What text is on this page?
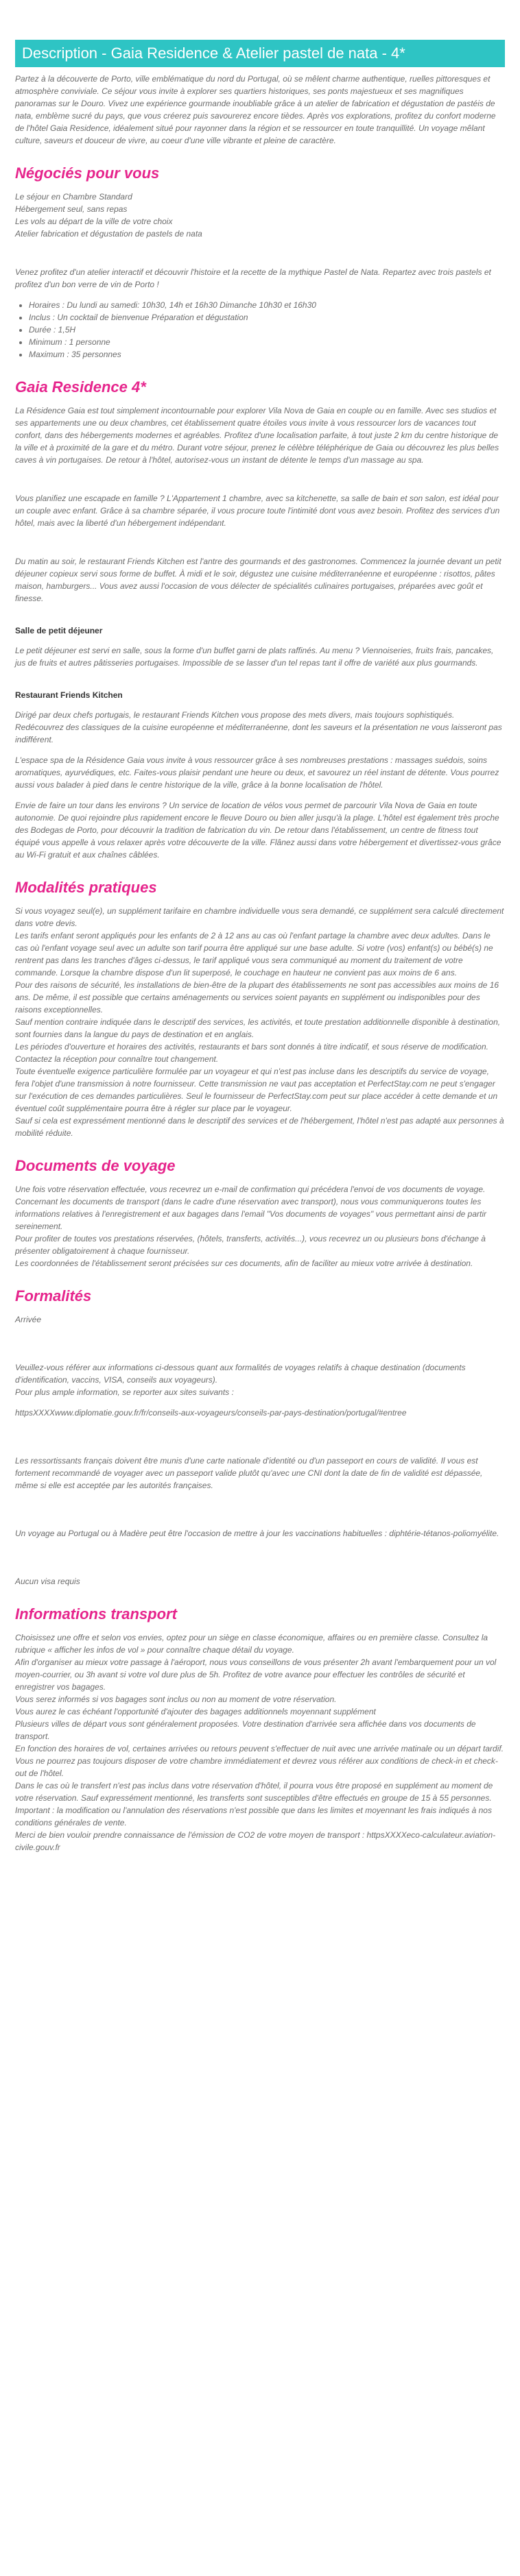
Description - Gaia Residence & Atelier pastel de nata - 4*

Partez à la découverte de Porto, ville emblématique du nord du Portugal, où se mêlent charme authentique, ruelles pittoresques et atmosphère conviviale. Ce séjour vous invite à explorer ses quartiers historiques, ses ponts majestueux et ses magnifiques panoramas sur le Douro. Vivez une expérience gourmande inoubliable grâce à un atelier de fabrication et dégustation de pastéis de nata, emblème sucré du pays, que vous créerez puis savourerez encore tièdes. Après vos explorations, profitez du confort moderne de l'hôtel Gaia Residence, idéalement situé pour rayonner dans la région et se ressourcer en toute tranquillité. Un voyage mêlant culture, saveurs et douceur de vivre, au coeur d'une ville vibrante et pleine de caractère.

Négociés pour vous

Le séjour en Chambre Standard
Hébergement seul, sans repas
Les vols au départ de la ville de votre choix
Atelier fabrication et dégustation de pastels de nata

Venez profitez d'un atelier interactif et découvrir l'histoire et la recette de la mythique Pastel de Nata. Repartez avec trois pastels et profitez d'un bon verre de vin de Porto !

• Horaires : Du lundi au samedi: 10h30, 14h et 16h30 Dimanche 10h30 et 16h30
• Inclus : Un cocktail de bienvenue Préparation et dégustation
• Durée : 1,5H
• Minimum : 1 personne
• Maximum : 35 personnes
Gaia Residence 4*

La Résidence Gaia est tout simplement incontournable pour explorer Vila Nova de Gaia en couple ou en famille. Avec ses studios et ses appartements une ou deux chambres, cet établissement quatre étoiles vous invite à vous ressourcer lors de vacances tout confort, dans des hébergements modernes et agréables. Profitez d'une localisation parfaite, à tout juste 2 km du centre historique de la ville et à proximité de la gare et du métro. Durant votre séjour, prenez le célèbre téléphérique de Gaia ou découvrez les plus belles caves à vin portugaises. De retour à l'hôtel, autorisez-vous un instant de détente le temps d'un massage au spa.

Vous planifiez une escapade en famille ? L'Appartement 1 chambre, avec sa kitchenette, sa salle de bain et son salon, est idéal pour un couple avec enfant. Grâce à sa chambre séparée, il vous procure toute l'intimité dont vous avez besoin. Profitez des services d'un hôtel, mais avec la liberté d'un hébergement indépendant.

Du matin au soir, le restaurant Friends Kitchen est l'antre des gourmands et des gastronomes. Commencez la journée devant un petit déjeuner copieux servi sous forme de buffet. À midi et le soir, dégustez une cuisine méditerranéenne et européenne : risottos, pâtes maison, hamburgers... Vous avez aussi l'occasion de vous délecter de spécialités culinaires portugaises, préparées avec goût et finesse.

Salle de petit déjeuner

Le petit déjeuner est servi en salle, sous la forme d'un buffet garni de plats raffinés. Au menu ? Viennoiseries, fruits frais, pancakes, jus de fruits et autres pâtisseries portugaises. Impossible de se lasser d'un tel repas tant il offre de variété aux plus gourmands.

Restaurant Friends Kitchen

Dirigé par deux chefs portugais, le restaurant Friends Kitchen vous propose des mets divers, mais toujours sophistiqués. Redécouvrez des classiques de la cuisine européenne et méditerranéenne, dont les saveurs et la présentation ne vous laisseront pas indifférent.

L'espace spa de la Résidence Gaia vous invite à vous ressourcer grâce à ses nombreuses prestations : massages suédois, soins aromatiques, ayurvédiques, etc. Faites-vous plaisir pendant une heure ou deux, et savourez un réel instant de détente. Vous pourrez aussi vous balader à pied dans le centre historique de la ville, grâce à la bonne localisation de l'hôtel.

Envie de faire un tour dans les environs ? Un service de location de vélos vous permet de parcourir Vila Nova de Gaia en toute autonomie. De quoi rejoindre plus rapidement encore le fleuve Douro ou bien aller jusqu'à la plage. L'hôtel est également très proche des Bodegas de Porto, pour découvrir la tradition de fabrication du vin. De retour dans l'établissement, un centre de fitness tout équipé vous appelle à vous relaxer après votre découverte de la ville. Flânez aussi dans votre hébergement et divertissez-vous grâce au Wi-Fi gratuit et aux chaînes câblées.

Modalités pratiques

Si vous voyagez seul(e), un supplément tarifaire en chambre individuelle vous sera demandé, ce supplément sera calculé directement dans votre devis.
Les tarifs enfant seront appliqués pour les enfants de 2 à 12 ans au cas où l'enfant partage la chambre avec deux adultes. Dans le cas où l'enfant voyage seul avec un adulte son tarif pourra être appliqué sur une base adulte. Si votre (vos) enfant(s) ou bébé(s) ne rentrent pas dans les tranches d'âges ci-dessus, le tarif appliqué vous sera communiqué au moment du traitement de votre commande. Lorsque la chambre dispose d'un lit superposé, le couchage en hauteur ne convient pas aux moins de 6 ans.
Pour des raisons de sécurité, les installations de bien-être de la plupart des établissements ne sont pas accessibles aux moins de 16 ans. De même, il est possible que certains aménagements ou services soient payants en supplément ou indisponibles pour des raisons exceptionnelles.
Sauf mention contraire indiquée dans le descriptif des services, les activités, et toute prestation additionnelle disponible à destination, sont fournies dans la langue du pays de destination et en anglais.
Les périodes d'ouverture et horaires des activités, restaurants et bars sont donnés à titre indicatif, et sous réserve de modification. Contactez la réception pour connaître tout changement.
Toute éventuelle exigence particulière formulée par un voyageur et qui n'est pas incluse dans les descriptifs du service de voyage, fera l'objet d'une transmission à notre fournisseur. Cette transmission ne vaut pas acceptation et PerfectStay.com ne peut s'engager sur l'exécution de ces demandes particulières. Seul le fournisseur de PerfectStay.com peut sur place accéder à cette demande et un éventuel coût supplémentaire pourra être à régler sur place par le voyageur.
Sauf si cela est expressément mentionné dans le descriptif des services et de l'hébergement, l'hôtel n'est pas adapté aux personnes à mobilité réduite.

Documents de voyage

Une fois votre réservation effectuée, vous recevrez un e-mail de confirmation qui précédera l'envoi de vos documents de voyage.
Concernant les documents de transport (dans le cadre d'une réservation avec transport), nous vous communiquerons toutes les informations relatives à l'enregistrement et aux bagages dans l'email "Vos documents de voyages" vous permettant ainsi de partir sereinement.
Pour profiter de toutes vos prestations réservées, (hôtels, transferts, activités...), vous recevrez un ou plusieurs bons d'échange à présenter obligatoirement à chaque fournisseur.
Les coordonnées de l'établissement seront précisées sur ces documents, afin de faciliter au mieux votre arrivée à destination.

Formalités

Arrivée

Veuillez-vous référer aux informations ci-dessous quant aux formalités de voyages relatifs à chaque destination (documents d'identification, vaccins, VISA, conseils aux voyageurs).
Pour plus ample information, se reporter aux sites suivants :

httpsXXXXwww.diplomatie.gouv.fr/fr/conseils-aux-voyageurs/conseils-par-pays-destination/portugal/#entree

Les ressortissants français doivent être munis d'une carte nationale d'identité ou d'un passeport en cours de validité. Il vous est fortement recommandé de voyager avec un passeport valide plutôt qu'avec une CNI dont la date de fin de validité est dépassée, même si elle est acceptée par les autorités françaises.

Un voyage au Portugal ou à Madère peut être l'occasion de mettre à jour les vaccinations habituelles : diphtérie-tétanos-poliomyélite.

Aucun visa requis

Informations transport

Choisissez une offre et selon vos envies, optez pour un siège en classe économique, affaires ou en première classe. Consultez la rubrique « afficher les infos de vol » pour connaître chaque détail du voyage.
Afin d'organiser au mieux votre passage à l'aéroport, nous vous conseillons de vous présenter 2h avant l'embarquement pour un vol moyen-courrier, ou 3h avant si votre vol dure plus de 5h. Profitez de votre avance pour effectuer les contrôles de sécurité et enregistrer vos bagages.
Vous serez informés si vos bagages sont inclus ou non au moment de votre réservation.
Vous aurez le cas échéant l'opportunité d'ajouter des bagages additionnels moyennant supplément
Plusieurs villes de départ vous sont généralement proposées. Votre destination d'arrivée sera affichée dans vos documents de transport.
En fonction des horaires de vol, certaines arrivées ou retours peuvent s'effectuer de nuit avec une arrivée matinale ou un départ tardif. Vous ne pourrez pas toujours disposer de votre chambre immédiatement et devrez vous référer aux conditions de check-in et check-out de l'hôtel.
Dans le cas où le transfert n'est pas inclus dans votre réservation d'hôtel, il pourra vous être proposé en supplément au moment de votre réservation. Sauf expressément mentionné, les transferts sont susceptibles d'être effectués en groupe de 15 à 55 personnes.
Important : la modification ou l'annulation des réservations n'est possible que dans les limites et moyennant les frais indiqués à nos conditions générales de vente.
Merci de bien vouloir prendre connaissance de l'émission de CO2 de votre moyen de transport : httpsXXXXeco-calculateur.aviation-civile.gouv.fr
